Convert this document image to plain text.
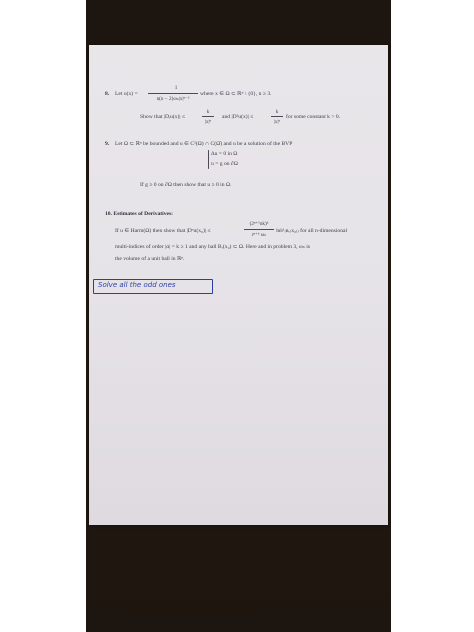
8. Let u(x) =
1
n(n − 2)ωₙ|x|ⁿ⁻²
where x ∈ Ω ⊂ ℝⁿ \ {0}, n ≥ 3.
Show that |Dᵢu(x)| ≤
k
|x|ⁿ
and |D²u(x)| ≤
k
|x|ⁿ
for some constant k > 0.
9. Let Ω ⊂ ℝⁿ be bounded and u ∈ C²(Ω) ∩ C(Ω̄) and u be a solution of the BVP
Δu = 0 in Ω
u = g on ∂Ω
If g ≥ 0 on ∂Ω then show that u ≥ 0 in Ω.
10. Estimates of Derivatives:
If u ∈ Harm(Ω) then show that |Dᵅu(x₀)| ≤
(2ⁿ⁺¹nk)ᵏ
rⁿ⁺ᵏ ωₙ
‖u‖ₗ¹₍ʙᵣ₍x₀₎₎ for all n-dimensional
multi-indices of order |α| = k ≥ 1 and any ball Bᵣ(x₀) ⊂ Ω. Here and in problem 3, ωₙ is
the volume of a unit ball in ℝⁿ.
Solve all the odd ones
